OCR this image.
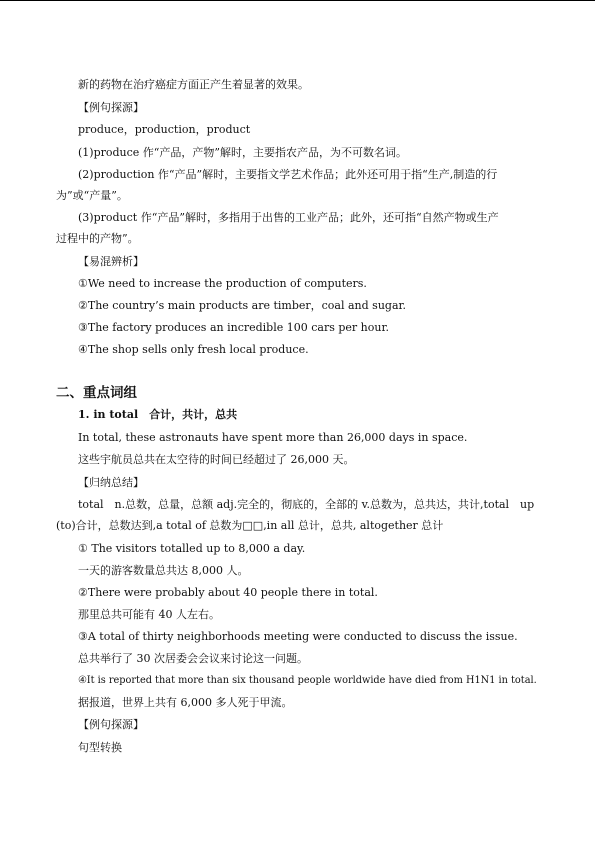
新的药物在治疗癌症方面正产生着显著的效果。
【例句探源】
produce，production，product
(1)produce 作“产品，产物”解时，主要指农产品，为不可数名词。
(2)production 作“产品”解时，主要指文学艺术作品；此外还可用于指“生产,制造的行
为”或“产量”。
(3)product 作“产品”解时，多指用于出售的工业产品；此外，还可指“自然产物或生产
过程中的产物”。
【易混辨析】
①We need to increase the production of computers.
②The country’s main products are timber，coal and sugar.
③The factory produces an incredible 100 cars per hour.
④The shop sells only fresh local produce.
二、重点词组
1. in total　合计，共计，总共
In total, these astronauts have spent more than 26,000 days in space.
这些宇航员总共在太空待的时间已经超过了 26,000 天。
【归纳总结】
total　n.总数，总量，总额 adj.完全的，彻底的，全部的 v.总数为，总共达，共计,total　up
(to)合计，总数达到,a total of 总数为□□,in all 总计，总共, altogether 总计
① The visitors totalled up to 8,000 a day.
一天的游客数量总共达 8,000 人。
②There were probably about 40 people there in total.
那里总共可能有 40 人左右。
③A total of thirty neighborhoods meeting were conducted to discuss the issue.
总共举行了 30 次居委会会议来讨论这一问题。
④It is reported that more than six thousand people worldwide have died from H1N1 in total.
据报道，世界上共有 6,000 多人死于甲流。
【例句探源】
句型转换
